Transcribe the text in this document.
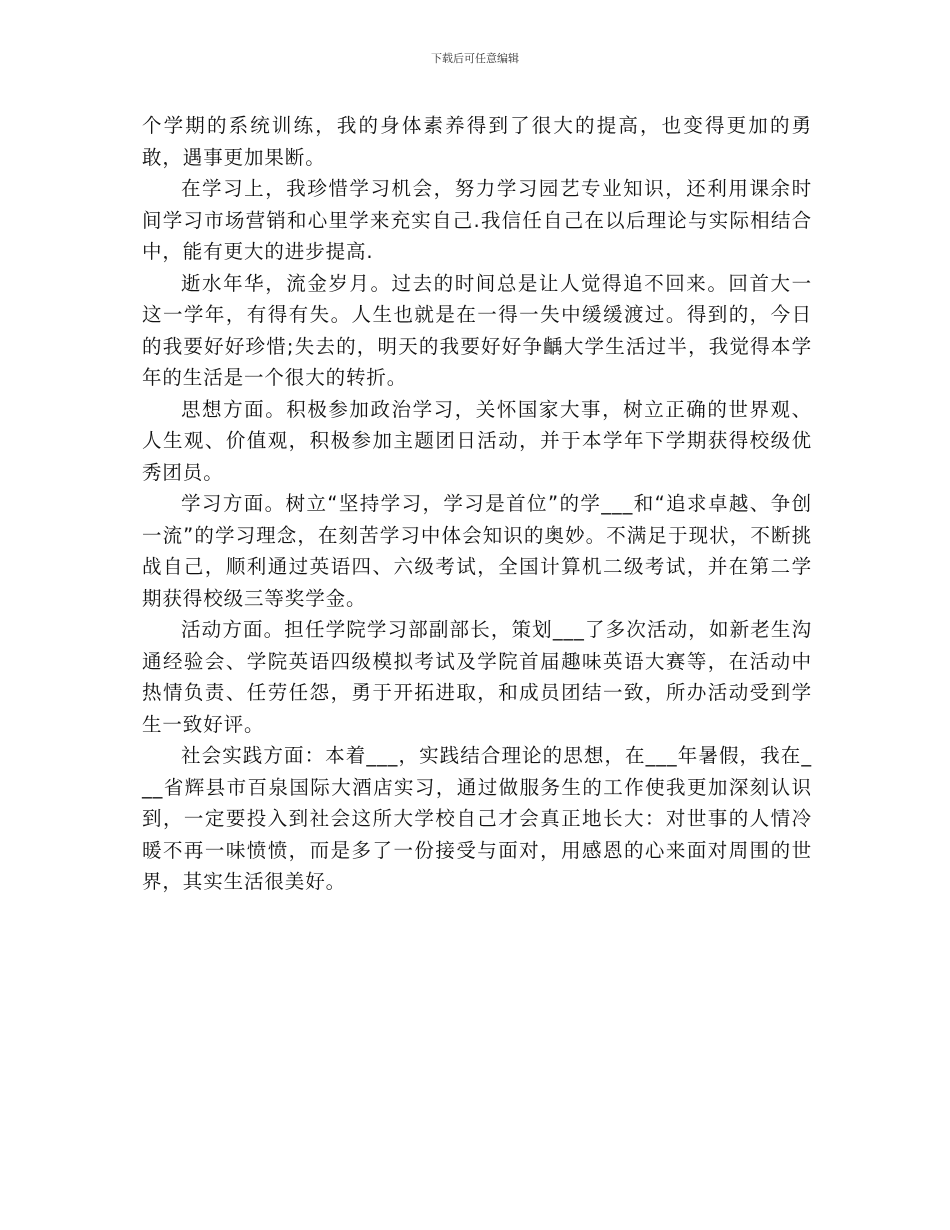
下载后可任意编辑

个学期的系统训练，我的身体素养得到了很大的提高，也变得更加的勇敢，遇事更加果断。

在学习上，我珍惜学习机会，努力学习园艺专业知识，还利用课余时间学习市场营销和心里学来充实自己.我信任自己在以后理论与实际相结合中，能有更大的进步提高.

逝水年华，流金岁月。过去的时间总是让人觉得追不回来。回首大一这一学年，有得有失。人生也就是在一得一失中缓缓渡过。得到的，今日的我要好好珍惜;失去的，明天的我要好好争齲大学生活过半，我觉得本学年的生活是一个很大的转折。

思想方面。积极参加政治学习，关怀国家大事，树立正确的世界观、人生观、价值观，积极参加主题团日活动，并于本学年下学期获得校级优秀团员。

学习方面。树立“坚持学习，学习是首位”的学___和“追求卓越、争创一流”的学习理念，在刻苦学习中体会知识的奥妙。不满足于现状，不断挑战自己，顺利通过英语四、六级考试，全国计算机二级考试，并在第二学期获得校级三等奖学金。

活动方面。担任学院学习部副部长，策划___了多次活动，如新老生沟通经验会、学院英语四级模拟考试及学院首届趣味英语大赛等，在活动中热情负责、任劳任怨，勇于开拓进取，和成员团结一致，所办活动受到学生一致好评。

社会实践方面：本着___，实践结合理论的思想，在___年暑假，我在___省辉县市百泉国际大酒店实习，通过做服务生的工作使我更加深刻认识到，一定要投入到社会这所大学校自己才会真正地长大：对世事的人情冷暖不再一味愤愤，而是多了一份接受与面对，用感恩的心来面对周围的世界，其实生活很美好。
